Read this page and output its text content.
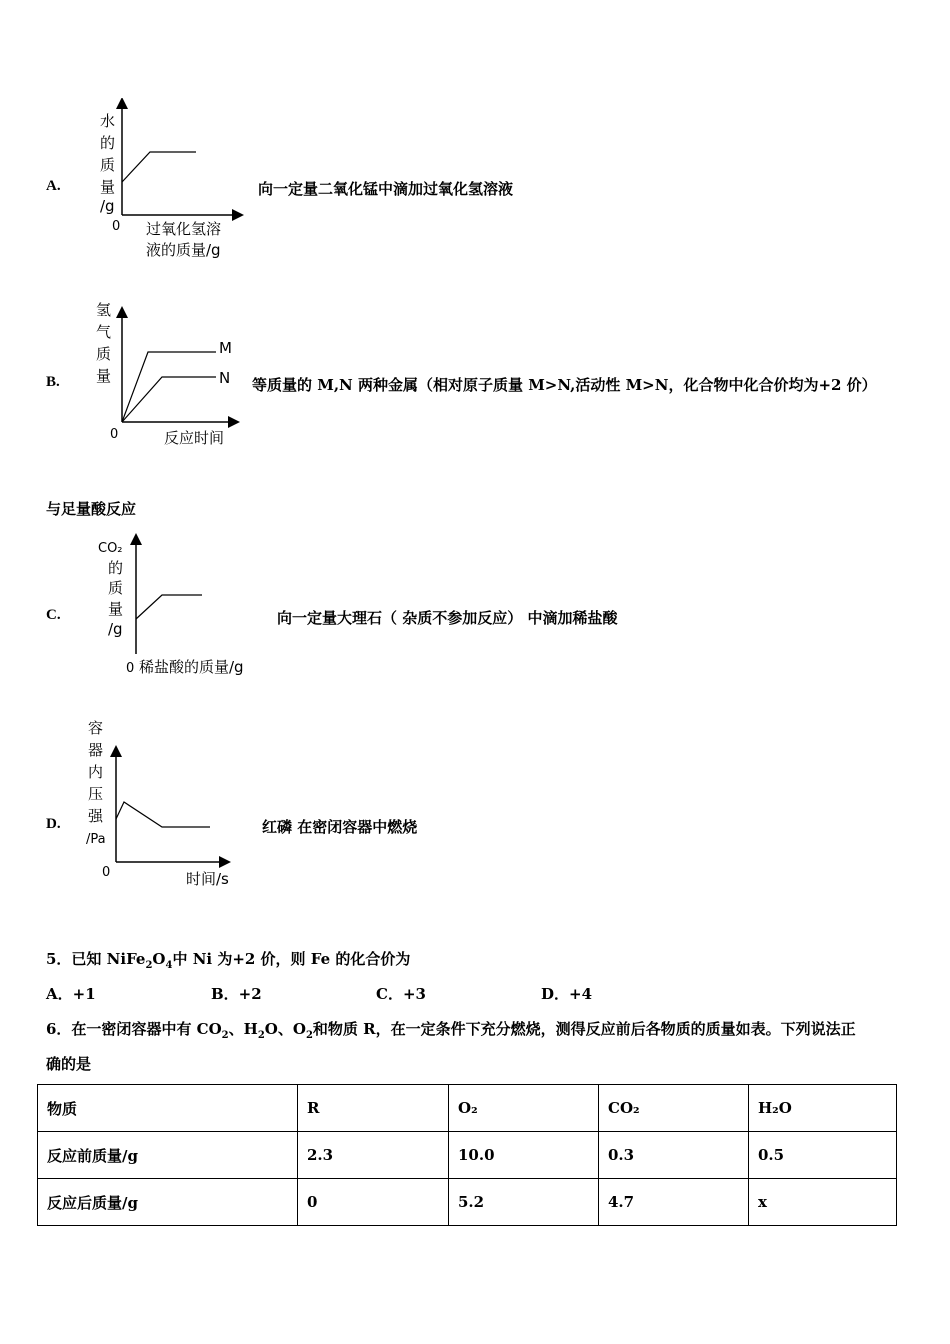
A.
水
的
质
量
/g
0 过氧化氢溶
液的质量/g
向一定量二氧化锰中滴加过氧化氢溶液
B.
M
N
氢
气
质
量
0	反应时间
等质量的 M,N 两种金属（相对原子质量 M>N,活动性 M>N，化合物中化合价均为+2 价）
与足量酸反应
C.
CO₂
的
质
量
/g
0 稀盐酸的质量/g
向一定量大理石（ 杂质不参加反应） 中滴加稀盐酸
D.
容
器
内
压
强
/Pa
0	时间/s
红磷 在密闭容器中燃烧
5．已知 $NiFe_2O_4$中 Ni 为+2 价，则 Fe 的化合价为
A．+1	B．+2	C．+3	D．+4
6．在一密闭容器中有 $CO_2$、$H_2O$、$O_2$和物质 R，在一定条件下充分燃烧，测得反应前后各物质的质量如表。下列说法正
确的是
物质	R	O₂	CO₂	H₂O
反应前质量/g	2.3	10.0	0.3	0.5
反应后质量/g	0	5.2	4.7	x
